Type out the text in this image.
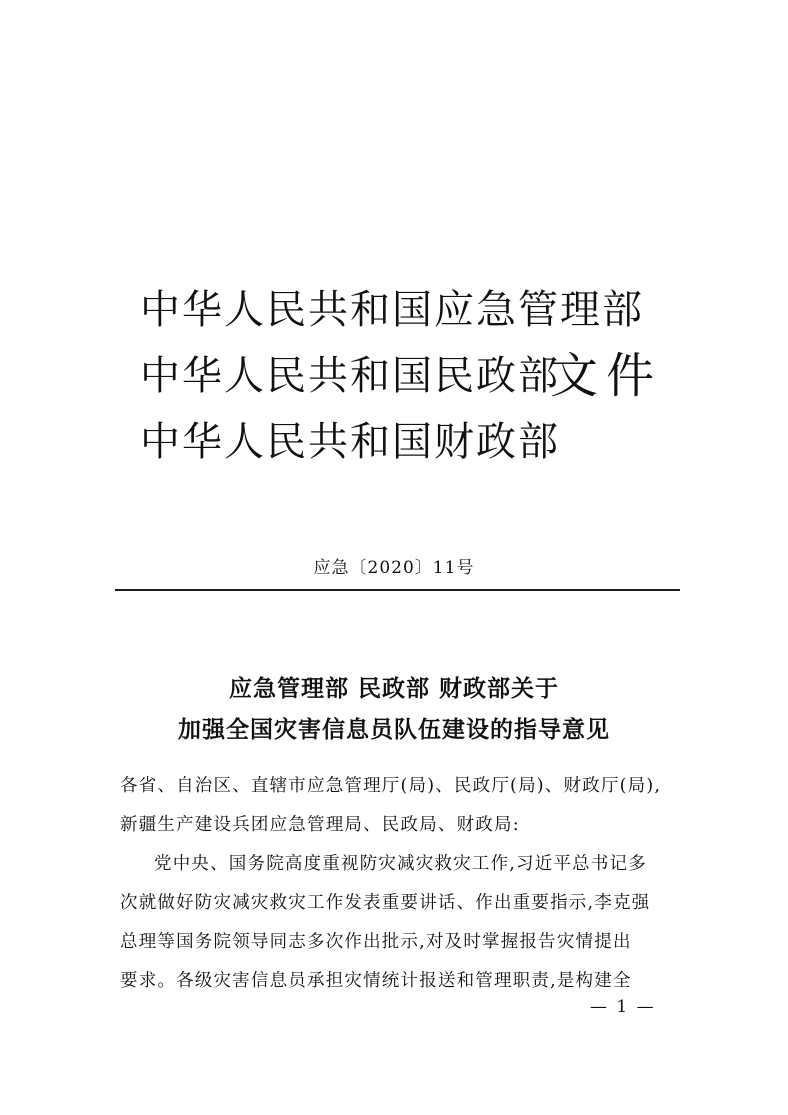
中华人民共和国应急管理部
中华人民共和国民政部
中华人民共和国财政部
文件
应急〔2020〕11号
应急管理部 民政部 财政部关于
加强全国灾害信息员队伍建设的指导意见
各省、自治区、直辖市应急管理厅(局)、民政厅(局)、财政厅(局),
新疆生产建设兵团应急管理局、民政局、财政局:
党中央、国务院高度重视防灾减灾救灾工作,习近平总书记多
次就做好防灾减灾救灾工作发表重要讲话、作出重要指示,李克强
总理等国务院领导同志多次作出批示,对及时掌握报告灾情提出
要求。各级灾害信息员承担灾情统计报送和管理职责,是构建全
— 1 —
